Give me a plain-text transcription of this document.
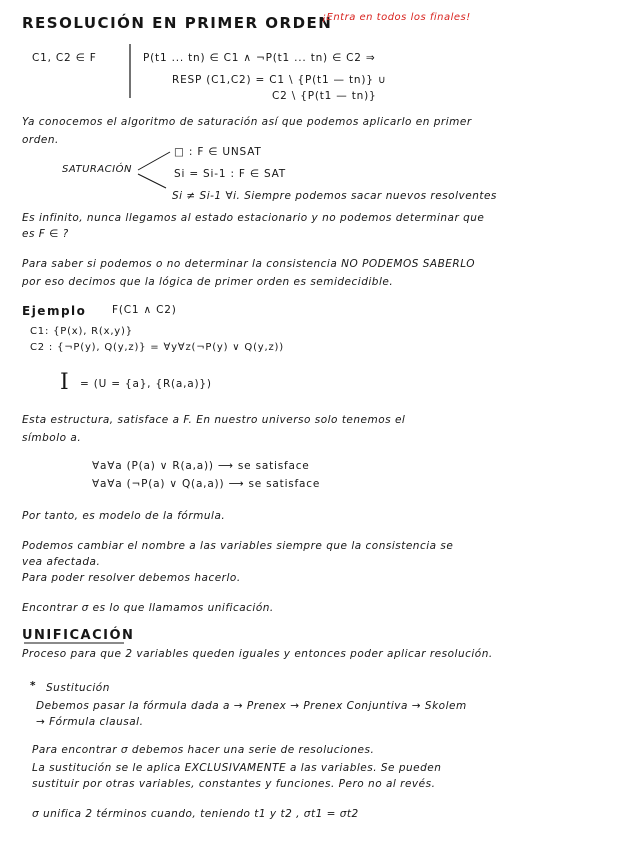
RESOLUCIÓN EN PRIMER ORDEN
¡Entra en todos los finales!
C1, C2 ∈ F	P(t1 ... tn) ∈ C1 ∧ ¬P(t1 ... tn) ∈ C2 ⇒
RESP (C1,C2) = C1 \ {P(t1 — tn)} ∪
C2 \ {P(t1 — tn)}
Ya conocemos el algoritmo de saturación así que podemos aplicarlo en primer
orden.
SATURACIÓN
□ : F ∈ UNSAT
Si = Si-1 : F ∈ SAT
Si ≠ Si-1 ∀i. Siempre podemos sacar nuevos resolventes
Es infinito, nunca llegamos al estado estacionario y no podemos determinar que
es F ∈ ?
Para saber si podemos o no determinar la consistencia NO PODEMOS SABERLO
por eso decimos que la lógica de primer orden es semidecidible.
Ejemplo F(C1 ∧ C2)
C1: {P(x), R(x,y)}
C2 : {¬P(y), Q(y,z)} = ∀y∀z(¬P(y) ∨ Q(y,z))
I = (U = {a}, {R(a,a)})
Esta estructura, satisface a F. En nuestro universo solo tenemos el
símbolo a.
∀a∀a (P(a) ∨ R(a,a)) ⟶ se satisface
∀a∀a (¬P(a) ∨ Q(a,a)) ⟶ se satisface
Por tanto, es modelo de la fórmula.
Podemos cambiar el nombre a las variables siempre que la consistencia se
vea afectada.
Para poder resolver debemos hacerlo.
Encontrar σ es lo que llamamos unificación.
UNIFICACIÓN
Proceso para que 2 variables queden iguales y entonces poder aplicar resolución.
* Sustitución
Debemos pasar la fórmula dada a → Prenex → Prenex Conjuntiva → Skolem
→ Fórmula clausal.
Para encontrar σ debemos hacer una serie de resoluciones.
La sustitución se le aplica EXCLUSIVAMENTE a las variables. Se pueden
sustituir por otras variables, constantes y funciones. Pero no al revés.
σ unifica 2 términos cuando, teniendo t1 y t2 , σt1 = σt2
